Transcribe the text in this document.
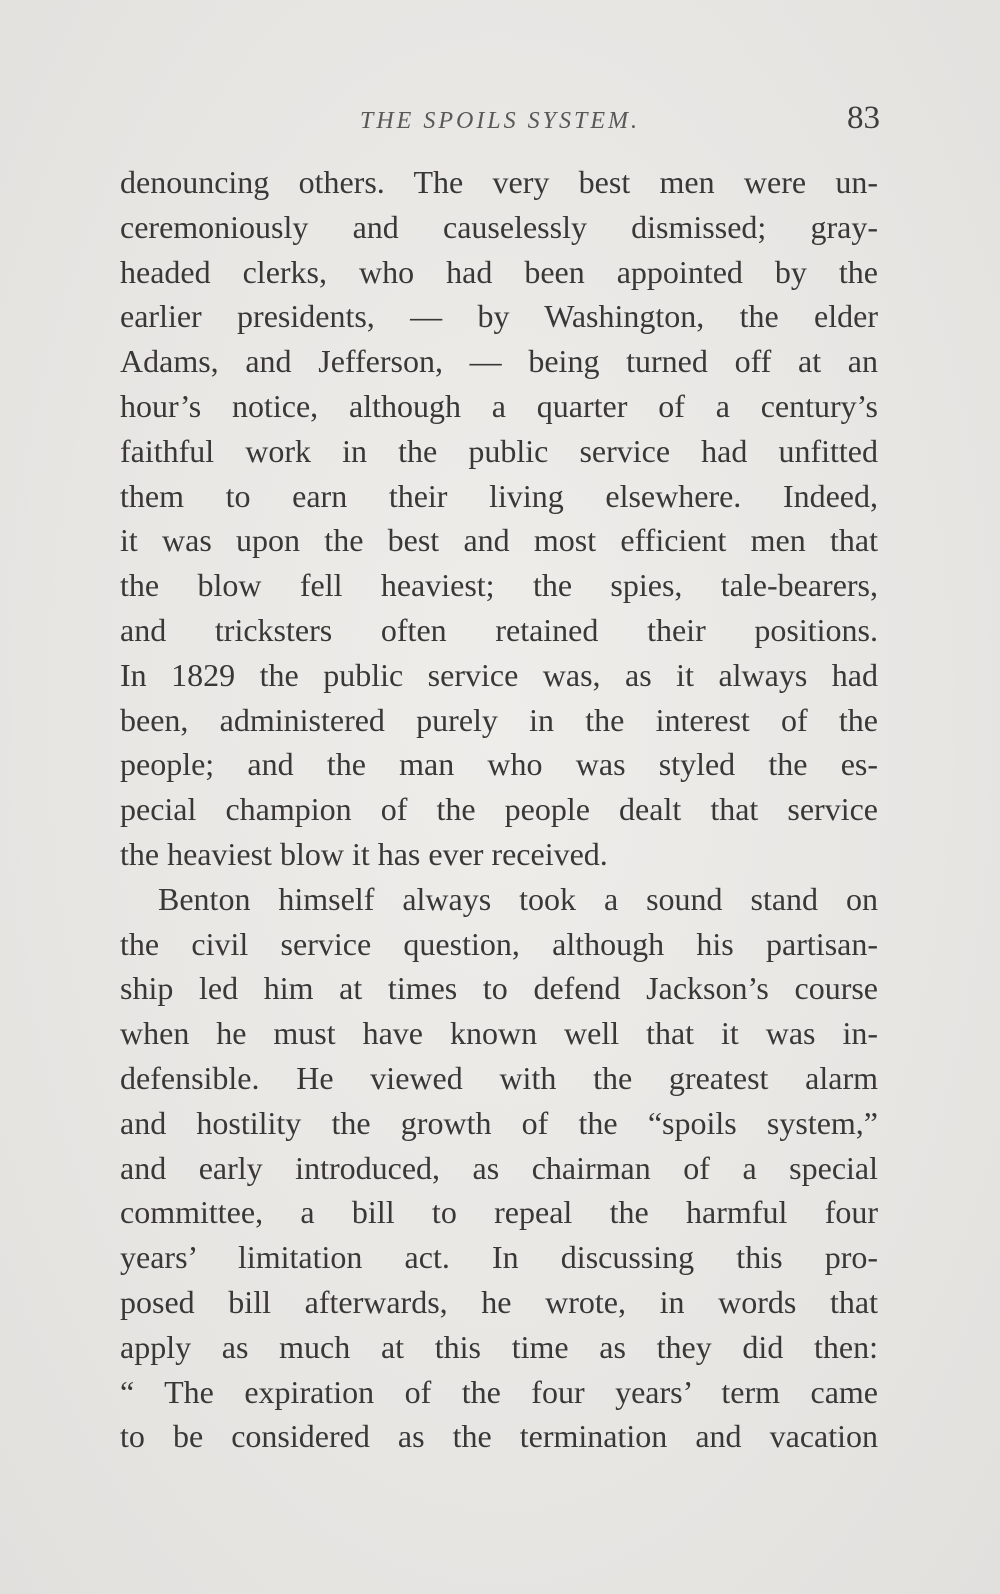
THE SPOILS SYSTEM.	83
denouncing others. The very best men were un-
ceremoniously and causelessly dismissed; gray-
headed clerks, who had been appointed by the
earlier presidents, — by Washington, the elder
Adams, and Jefferson, — being turned off at an
hour’s notice, although a quarter of a century’s
faithful work in the public service had unfitted
them to earn their living elsewhere. Indeed,
it was upon the best and most efficient men that
the blow fell heaviest; the spies, tale-bearers,
and tricksters often retained their positions.
In 1829 the public service was, as it always had
been, administered purely in the interest of the
people; and the man who was styled the es-
pecial champion of the people dealt that service
the heaviest blow it has ever received.
Benton himself always took a sound stand on
the civil service question, although his partisan-
ship led him at times to defend Jackson’s course
when he must have known well that it was in-
defensible. He viewed with the greatest alarm
and hostility the growth of the “spoils system,”
and early introduced, as chairman of a special
committee, a bill to repeal the harmful four
years’ limitation act. In discussing this pro-
posed bill afterwards, he wrote, in words that
apply as much at this time as they did then:
“ The expiration of the four years’ term came
to be considered as the termination and vacation
